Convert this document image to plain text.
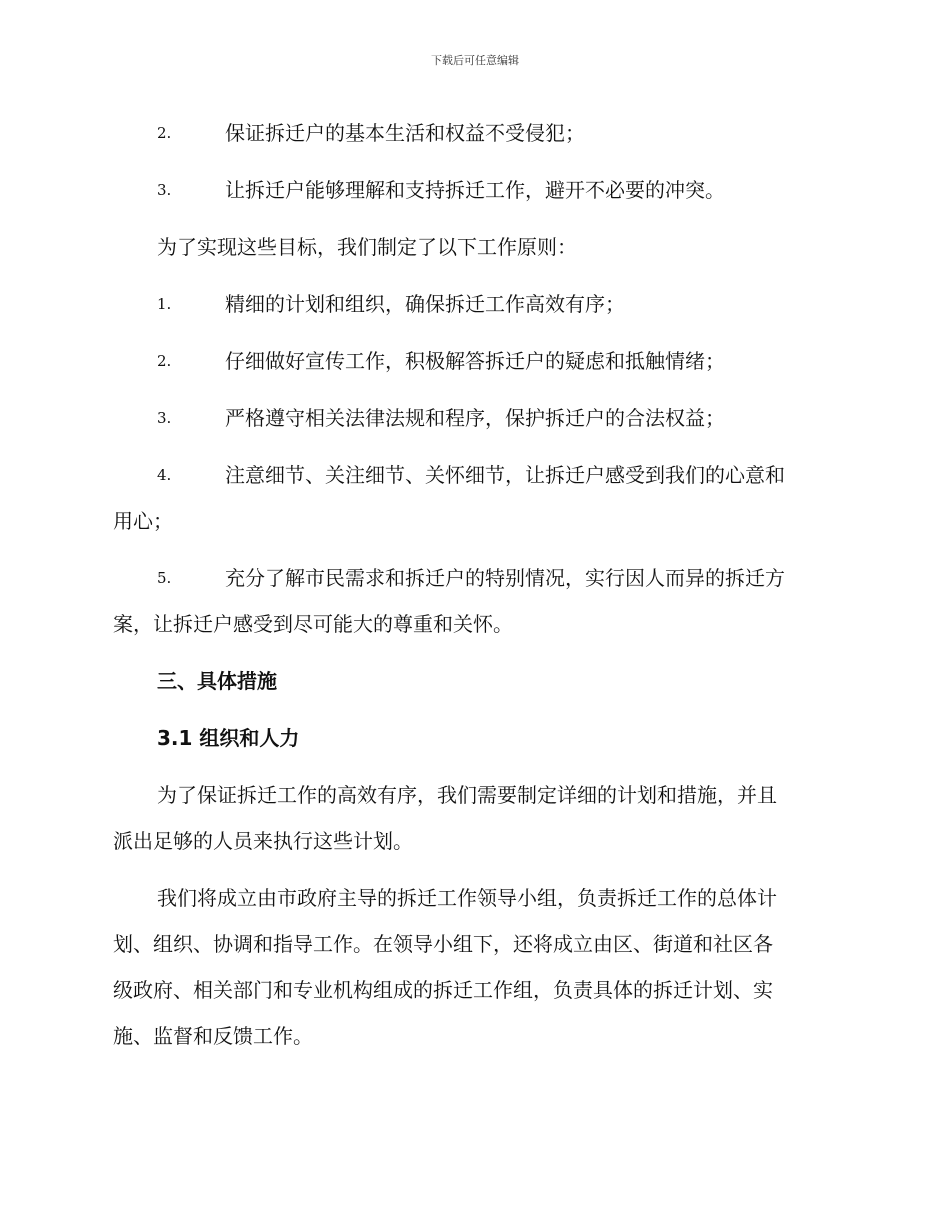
下载后可任意编辑
2.	保证拆迁户的基本生活和权益不受侵犯；
3.	让拆迁户能够理解和支持拆迁工作，避开不必要的冲突。
为了实现这些目标，我们制定了以下工作原则：
1.	精细的计划和组织，确保拆迁工作高效有序；
2.	仔细做好宣传工作，积极解答拆迁户的疑虑和抵触情绪；
3.	严格遵守相关法律法规和程序，保护拆迁户的合法权益；
4.	注意细节、关注细节、关怀细节，让拆迁户感受到我们的心意和
用心；
5.	充分了解市民需求和拆迁户的特别情况，实行因人而异的拆迁方
案，让拆迁户感受到尽可能大的尊重和关怀。
三、具体措施
3.1 组织和人力
为了保证拆迁工作的高效有序，我们需要制定详细的计划和措施，并且
派出足够的人员来执行这些计划。
我们将成立由市政府主导的拆迁工作领导小组，负责拆迁工作的总体计
划、组织、协调和指导工作。在领导小组下，还将成立由区、街道和社区各
级政府、相关部门和专业机构组成的拆迁工作组，负责具体的拆迁计划、实
施、监督和反馈工作。
